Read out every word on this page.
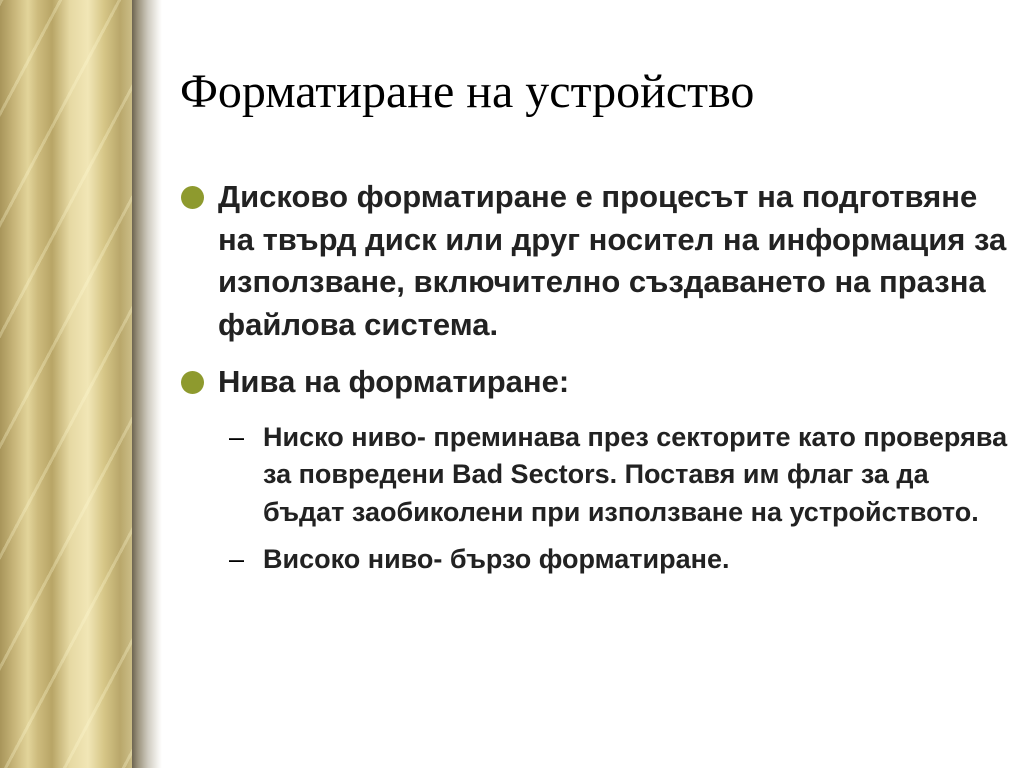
Форматиране на устройство
Дисково форматиране е процесът на подготвяне на твърд диск или друг носител на информация за използване, включително създаването на празна файлова система.
Нива на форматиране:
– Ниско ниво- преминава през секторите като проверява за повредени Bad Sectors. Поставя им флаг за да бъдат заобиколени при използване на устройството.
– Високо ниво- бързо форматиране.
